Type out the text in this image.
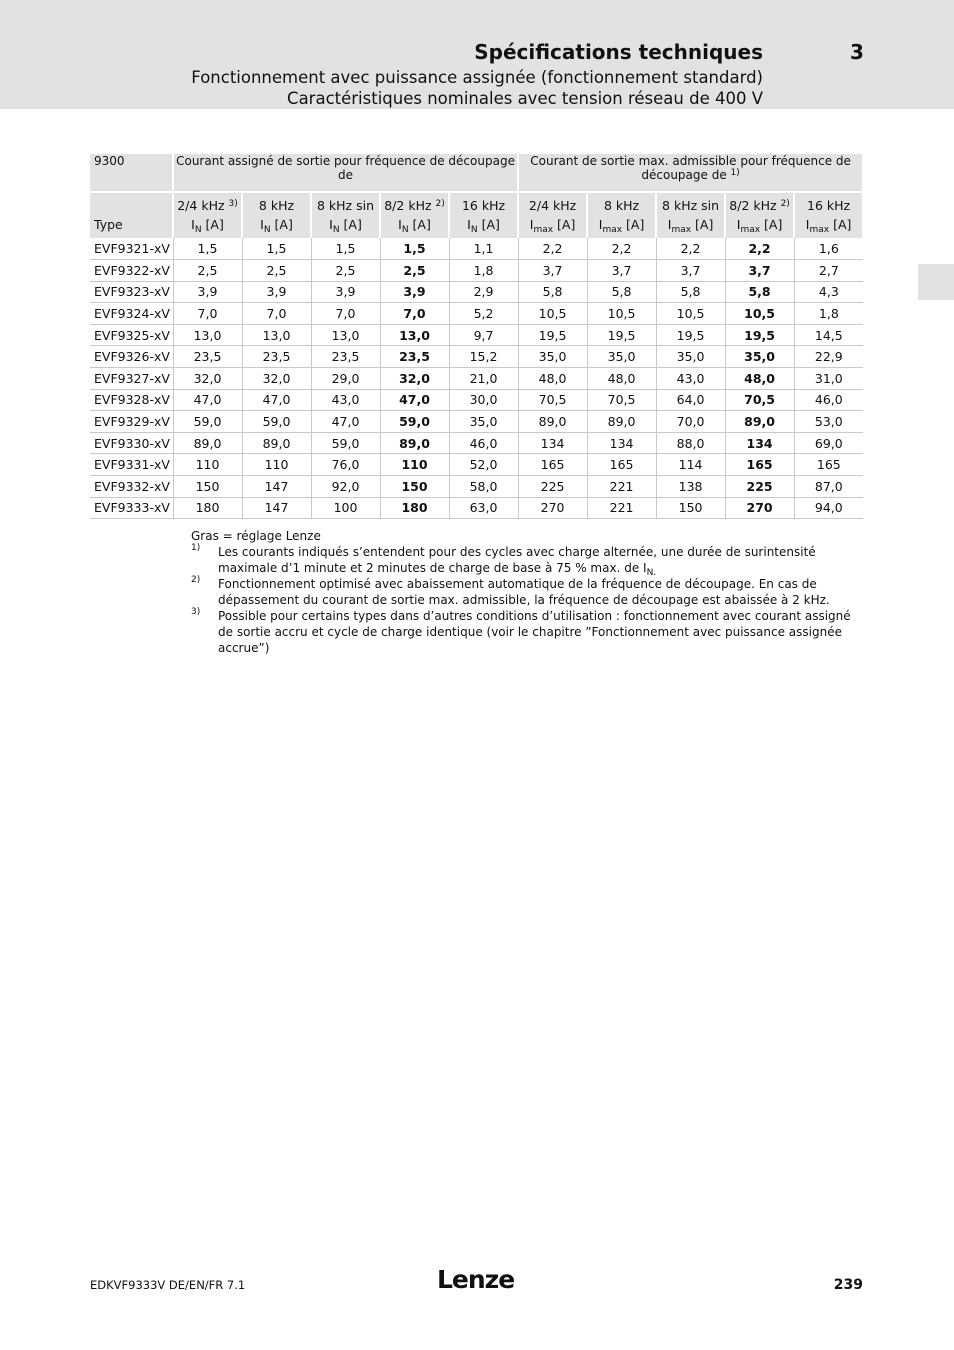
Spécifications techniques	3
Fonctionnement avec puissance assignée (fonctionnement standard)
Caractéristiques nominales avec tension réseau de 400 V
9300	Courant assigné de sortie pour fréquence de découpage de					Courant de sortie max. admissible pour fréquence de découpage de $^{1)}$
	2/4 kHz $^{3)}$	8 kHz	8 kHz sin	8/2 kHz $^{2)}$	16 kHz	2/4 kHz	8 kHz	8 kHz sin	8/2 kHz $^{2)}$	16 kHz
Type	$I_N$ [A]	$I_N$ [A]	$I_N$ [A]	$I_N$ [A]	$I_N$ [A]	$I_{max}$ [A]	$I_{max}$ [A]	$I_{max}$ [A]	$I_{max}$ [A]	$I_{max}$ [A]
EVF9321-xV	1,5	1,5	1,5	1,5	1,1	2,2	2,2	2,2	2,2	1,6
EVF9322-xV	2,5	2,5	2,5	2,5	1,8	3,7	3,7	3,7	3,7	2,7
EVF9323-xV	3,9	3,9	3,9	3,9	2,9	5,8	5,8	5,8	5,8	4,3
EVF9324-xV	7,0	7,0	7,0	7,0	5,2	10,5	10,5	10,5	10,5	1,8
EVF9325-xV	13,0	13,0	13,0	13,0	9,7	19,5	19,5	19,5	19,5	14,5
EVF9326-xV	23,5	23,5	23,5	23,5	15,2	35,0	35,0	35,0	35,0	22,9
EVF9327-xV	32,0	32,0	29,0	32,0	21,0	48,0	48,0	43,0	48,0	31,0
EVF9328-xV	47,0	47,0	43,0	47,0	30,0	70,5	70,5	64,0	70,5	46,0
EVF9329-xV	59,0	59,0	47,0	59,0	35,0	89,0	89,0	70,0	89,0	53,0
EVF9330-xV	89,0	89,0	59,0	89,0	46,0	134	134	88,0	134	69,0
EVF9331-xV	110	110	76,0	110	52,0	165	165	114	165	165
EVF9332-xV	150	147	92,0	150	58,0	225	221	138	225	87,0
EVF9333-xV	180	147	100	180	63,0	270	221	150	270	94,0
Gras = réglage Lenze
1) Les courants indiqués s’entendent pour des cycles avec charge alternée, une durée de surintensité maximale d’1 minute et 2 minutes de charge de base à 75 % max. de $I_{N.}$
2) Fonctionnement optimisé avec abaissement automatique de la fréquence de découpage. En cas de dépassement du courant de sortie max. admissible, la fréquence de découpage est abaissée à 2 kHz.
3) Possible pour certains types dans d’autres conditions d’utilisation : fonctionnement avec courant assigné de sortie accru et cycle de charge identique (voir le chapitre ”Fonctionnement avec puissance assignée accrue”)
EDKVF9333V DE/EN/FR 7.1	Lenze	239
